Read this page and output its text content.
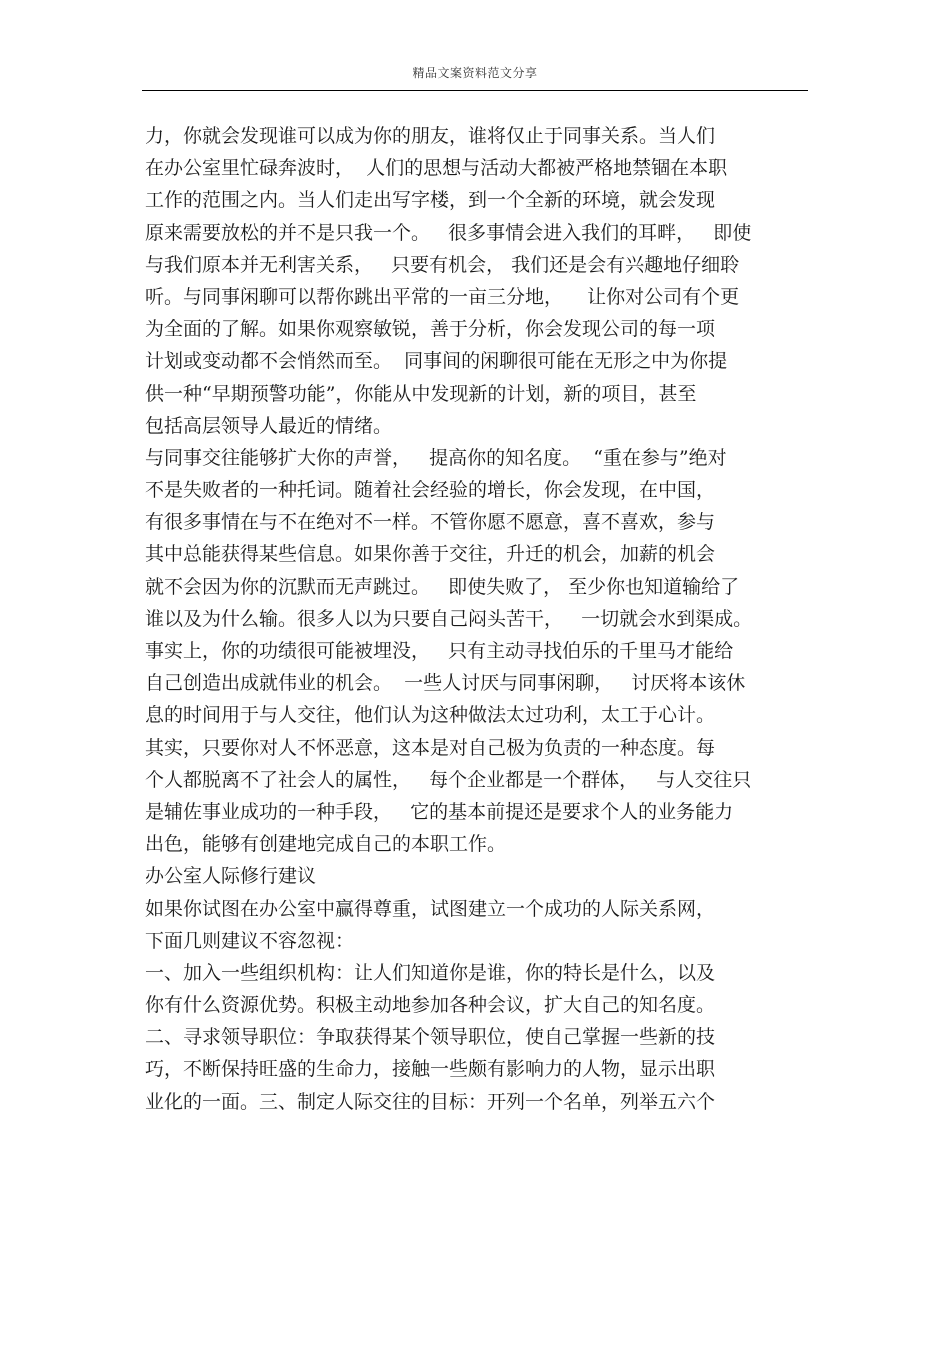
精品文案资料范文分享
力，你就会发现谁可以成为你的朋友，谁将仅止于同事关系。当人们
在办公室里忙碌奔波时，  人们的思想与活动大都被严格地禁锢在本职
工作的范围之内。当人们走出写字楼，到一个全新的环境，就会发现
原来需要放松的并不是只我一个。   很多事情会进入我们的耳畔，   即使
与我们原本并无利害关系，   只要有机会， 我们还是会有兴趣地仔细聆
听。与同事闲聊可以帮你跳出平常的一亩三分地，    让你对公司有个更
为全面的了解。如果你观察敏锐，善于分析，你会发现公司的每一项
计划或变动都不会悄然而至。  同事间的闲聊很可能在无形之中为你提
供一种“早期预警功能”，你能从中发现新的计划，新的项目，甚至
包括高层领导人最近的情绪。
与同事交往能够扩大你的声誉，   提高你的知名度。  “重在参与”绝对
不是失败者的一种托词。随着社会经验的增长，你会发现，在中国，
有很多事情在与不在绝对不一样。不管你愿不愿意，喜不喜欢，参与
其中总能获得某些信息。如果你善于交往，升迁的机会，加薪的机会
就不会因为你的沉默而无声跳过。   即使失败了， 至少你也知道输给了
谁以及为什么输。很多人以为只要自己闷头苦干，   一切就会水到渠成。
事实上，你的功绩很可能被埋没，   只有主动寻找伯乐的千里马才能给
自己创造出成就伟业的机会。  一些人讨厌与同事闲聊，   讨厌将本该休
息的时间用于与人交往，他们认为这种做法太过功利，太工于心计。
其实，只要你对人不怀恶意，这本是对自己极为负责的一种态度。每
个人都脱离不了社会人的属性，   每个企业都是一个群体，   与人交往只
是辅佐事业成功的一种手段，   它的基本前提还是要求个人的业务能力
出色，能够有创建地完成自己的本职工作。
办公室人际修行建议
如果你试图在办公室中赢得尊重，试图建立一个成功的人际关系网，
下面几则建议不容忽视：
一、加入一些组织机构：让人们知道你是谁，你的特长是什么，以及
你有什么资源优势。积极主动地参加各种会议，扩大自己的知名度。
二、寻求领导职位：争取获得某个领导职位，使自己掌握一些新的技
巧，不断保持旺盛的生命力，接触一些颇有影响力的人物，显示出职
业化的一面。三、制定人际交往的目标：开列一个名单，列举五六个
